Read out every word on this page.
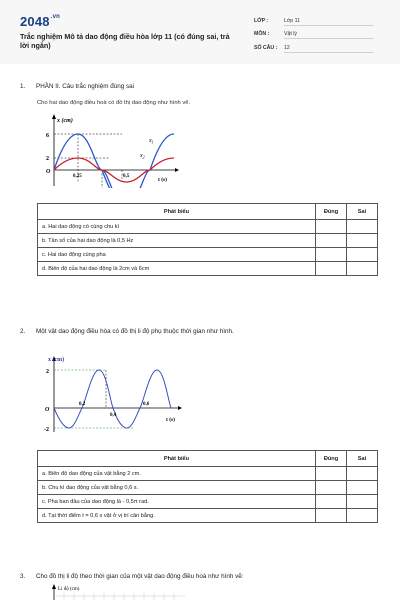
$2048^{.vn}$
Trắc nghiệm Mô tả dao động điều hòa lớp 11 (có đúng sai, trả lời ngắn)
LỚP :	Lớp 11
MÔN :	Vật lý
SỐ CÂU : 12
1. PHẦN II. Câu trắc nghiệm đúng sai
Cho hai dao động điều hoà có đồ thị dao động như hình vẽ.
x (cm)
6
2
O
0,25	0,5
t (s)
$x_1$
$x_2$
Phát biểu	Đúng	Sai
a. Hai dao động có cùng chu kì		
b. Tần số của hai dao động là 0,5 Hz		
c. Hai dao động cùng pha		
d. Biên độ của hai dao động là 2cm và 6cm		
2. Một vật dao động điều hòa có đồ thị li độ phụ thuộc thời gian như hình.
x (cm)
2
-2
O
0,2
0,4
0,6
t (s)
Phát biểu	Đúng	Sai
a. Biên độ dao động của vật bằng 2 cm.		
b. Chu kì dao động của vật bằng 0,6 s.		
c. Pha ban đầu của dao động là - 0,5π rad.		
d. Tại thời điểm t = 0,6 s vật ở vị trí cân bằng.		
3. Cho đồ thị li độ theo thời gian của một vật dao động điều hoà như hình vẽ:
Li độ (cm)
